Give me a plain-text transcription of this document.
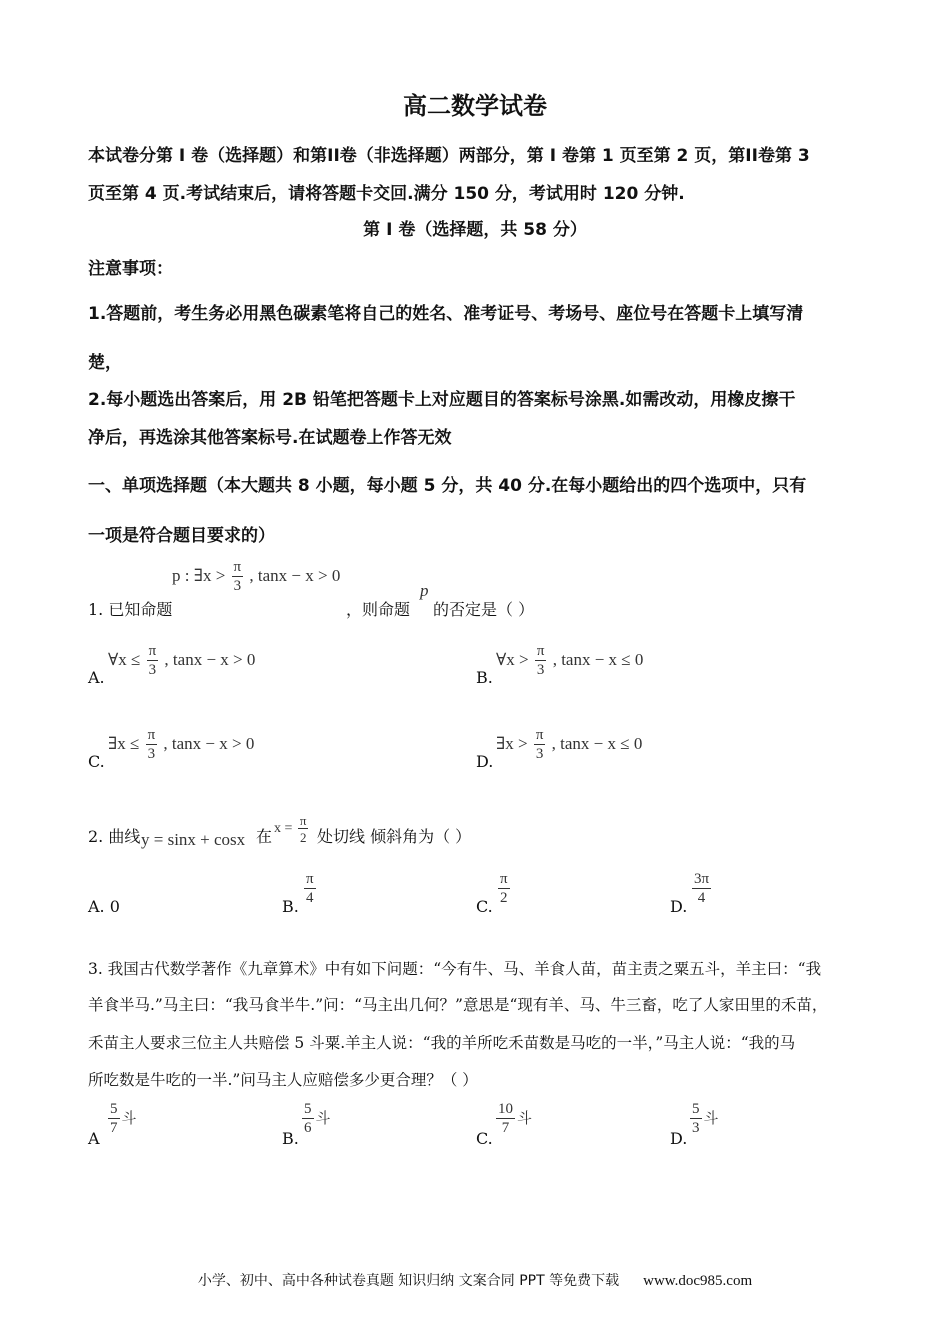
高二数学试卷
本试卷分第 I 卷（选择题）和第II卷（非选择题）两部分，第 I 卷第 1 页至第 2 页，第II卷第 3
页至第 4 页.考试结束后，请将答题卡交回.满分 150 分，考试用时 120 分钟.
第 I 卷（选择题，共 58 分）
注意事项：
1.答题前，考生务必用黑色碳素笔将自己的姓名、准考证号、考场号、座位号在答题卡上填写清
楚，
2.每小题选出答案后，用 2B 铅笔把答题卡上对应题目的答案标号涂黑.如需改动，用橡皮擦干
净后，再选涂其他答案标号.在试题卷上作答无效
一、单项选择题（本大题共 8 小题，每小题 5 分，共 40 分.在每小题给出的四个选项中，只有
一项是符合题目要求的）
p : ∃x > $\frac{\pi}{3}$ , tanx − x > 0
1. 已知命题	，则命题
p
的否定是（ ）
A.
∀x ≤ $\frac{\pi}{3}$ , tanx − x > 0
B.
∀x > $\frac{\pi}{3}$ , tanx − x ≤ 0
C.
∃x ≤ $\frac{\pi}{3}$ , tanx − x > 0
D.
∃x > $\frac{\pi}{3}$ , tanx − x ≤ 0
2. 曲线 y = sinx + cosx 在 $x = \frac{\pi}{2}$ 处切线 倾斜角为（ ）
A. 0	B.
$\frac{\pi}{4}$
C.
$\frac{\pi}{2}$
D.
$\frac{3\pi}{4}$
3. 我国古代数学著作《九章算术》中有如下问题：“今有牛、马、羊食人苗，苗主责之粟五斗，羊主曰：“我
羊食半马.”马主曰：“我马食半牛.”问：“马主出几何？”意思是“现有羊、马、牛三畜，吃了人家田里的禾苗，
禾苗主人要求三位主人共赔偿 5 斗粟.羊主人说：“我的羊所吃禾苗数是马吃的一半，”马主人说：“我的马
所吃数是牛吃的一半.”问马主人应赔偿多少更合理？（ ）
A
$\frac{5}{7}$ 斗
B.
$\frac{5}{6}$ 斗
C.
$\frac{10}{7}$ 斗
D.
$\frac{5}{3}$ 斗
小学、初中、高中各种试卷真题 知识归纳 文案合同 PPT 等免费下载 www.doc985.com
